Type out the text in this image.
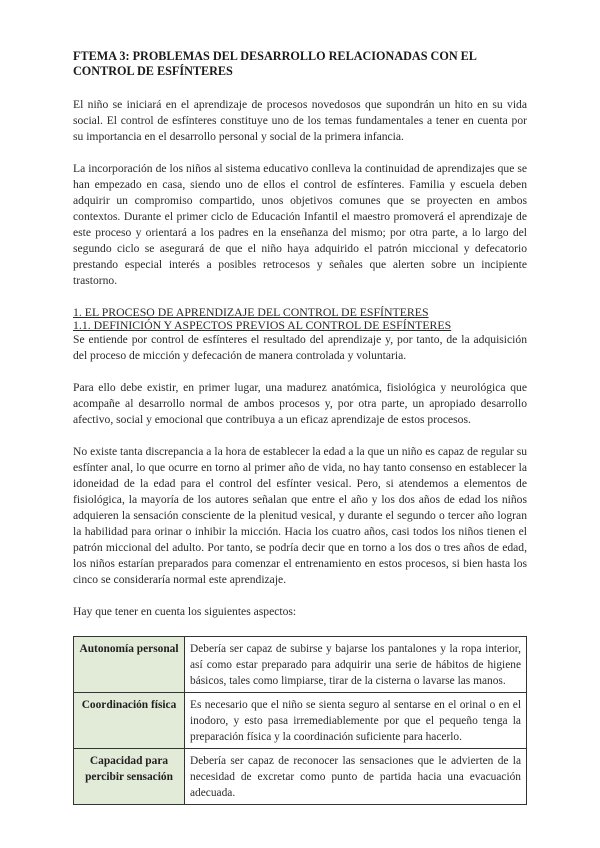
FTEMA 3: PROBLEMAS DEL DESARROLLO RELACIONADAS CON EL CONTROL DE ESFÍNTERES

El niño se iniciará en el aprendizaje de procesos novedosos que supondrán un hito en su vida social. El control de esfínteres constituye uno de los temas fundamentales a tener en cuenta por su importancia en el desarrollo personal y social de la primera infancia.

La incorporación de los niños al sistema educativo conlleva la continuidad de aprendizajes que se han empezado en casa, siendo uno de ellos el control de esfínteres. Familia y escuela deben adquirir un compromiso compartido, unos objetivos comunes que se proyecten en ambos contextos. Durante el primer ciclo de Educación Infantil el maestro promoverá el aprendizaje de este proceso y orientará a los padres en la enseñanza del mismo; por otra parte, a lo largo del segundo ciclo se asegurará de que el niño haya adquirido el patrón miccional y defecatorio prestando especial interés a posibles retrocesos y señales que alerten sobre un incipiente trastorno.

1. EL PROCESO DE APRENDIZAJE DEL CONTROL DE ESFÍNTERES
1.1. DEFINICIÓN Y ASPECTOS PREVIOS AL CONTROL DE ESFÍNTERES

Se entiende por control de esfínteres el resultado del aprendizaje y, por tanto, de la adquisición del proceso de micción y defecación de manera controlada y voluntaria.

Para ello debe existir, en primer lugar, una madurez anatómica, fisiológica y neurológica que acompañe al desarrollo normal de ambos procesos y, por otra parte, un apropiado desarrollo afectivo, social y emocional que contribuya a un eficaz aprendizaje de estos procesos.

No existe tanta discrepancia a la hora de establecer la edad a la que un niño es capaz de regular su esfínter anal, lo que ocurre en torno al primer año de vida, no hay tanto consenso en establecer la idoneidad de la edad para el control del esfínter vesical. Pero, si atendemos a elementos de fisiológica, la mayoría de los autores señalan que entre el año y los dos años de edad los niños adquieren la sensación consciente de la plenitud vesical, y durante el segundo o tercer año logran la habilidad para orinar o inhibir la micción. Hacia los cuatro años, casi todos los niños tienen el patrón miccional del adulto. Por tanto, se podría decir que en torno a los dos o tres años de edad, los niños estarían preparados para comenzar el entrenamiento en estos procesos, si bien hasta los cinco se consideraría normal este aprendizaje.

Hay que tener en cuenta los siguientes aspectos:

Autonomía personal	Debería ser capaz de subirse y bajarse los pantalones y la ropa interior, así como estar preparado para adquirir una serie de hábitos de higiene básicos, tales como limpiarse, tirar de la cisterna o lavarse las manos.
Coordinación física	Es necesario que el niño se sienta seguro al sentarse en el orinal o en el inodoro, y esto pasa irremediablemente por que el pequeño tenga la preparación física y la coordinación suficiente para hacerlo.
Capacidad para percibir sensación	Debería ser capaz de reconocer las sensaciones que le advierten de la necesidad de excretar como punto de partida hacia una evacuación adecuada.
